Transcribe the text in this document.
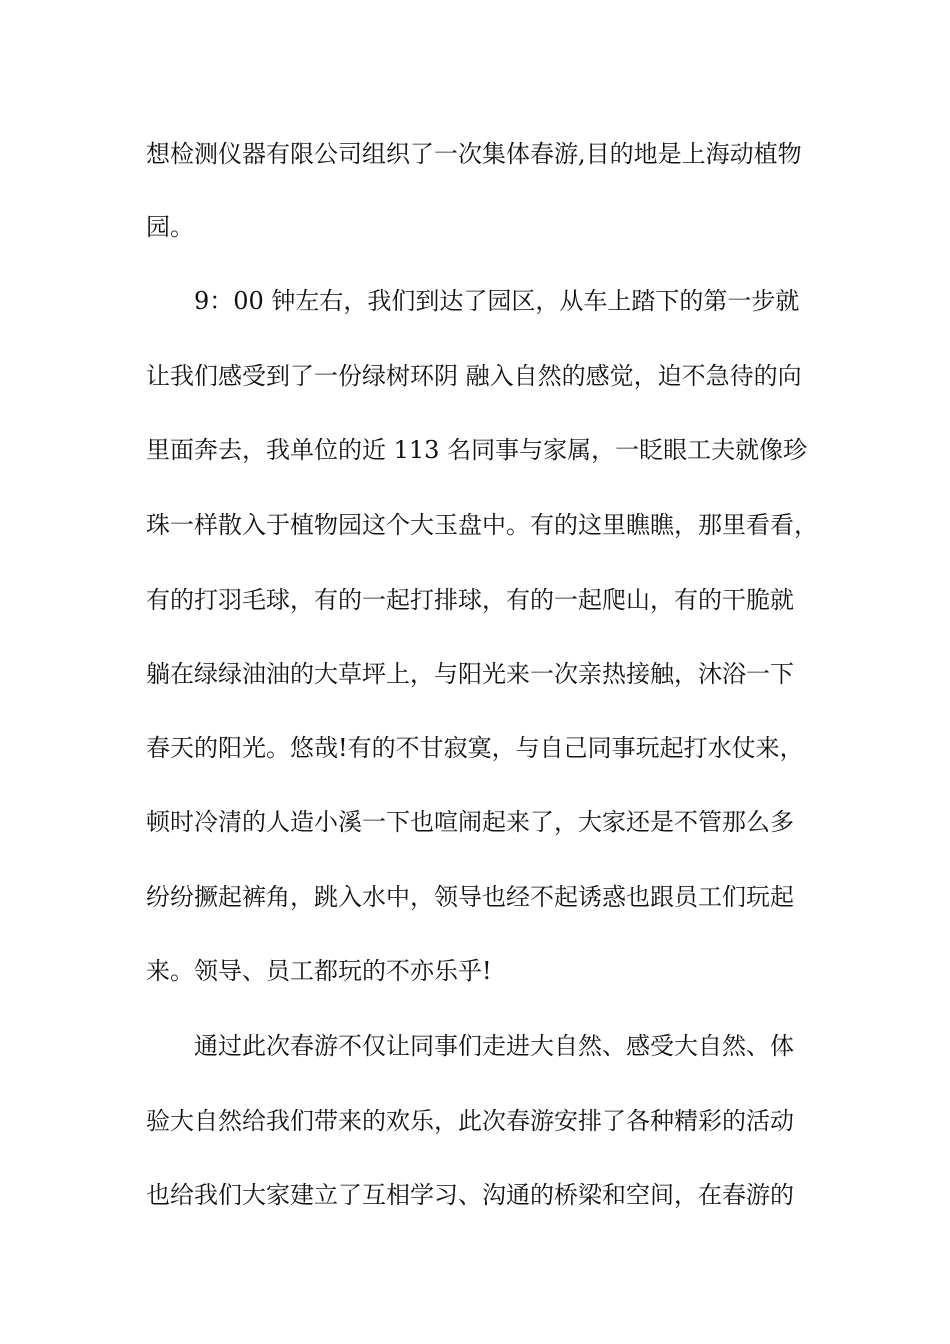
想检测仪器有限公司组织了一次集体春游,目的地是上海动植物
园。
9：00 钟左右，我们到达了园区，从车上踏下的第一步就
让我们感受到了一份绿树环阴 融入自然的感觉，迫不急待的向
里面奔去，我单位的近 113 名同事与家属，一眨眼工夫就像珍
珠一样散入于植物园这个大玉盘中。有的这里瞧瞧，那里看看，
有的打羽毛球，有的一起打排球，有的一起爬山，有的干脆就
躺在绿绿油油的大草坪上，与阳光来一次亲热接触，沐浴一下
春天的阳光。悠哉!有的不甘寂寞，与自己同事玩起打水仗来，
顿时冷清的人造小溪一下也喧闹起来了，大家还是不管那么多
纷纷撅起裤角，跳入水中，领导也经不起诱惑也跟员工们玩起
来。领导、员工都玩的不亦乐乎!
通过此次春游不仅让同事们走进大自然、感受大自然、体
验大自然给我们带来的欢乐，此次春游安排了各种精彩的活动
也给我们大家建立了互相学习、沟通的桥梁和空间，在春游的
